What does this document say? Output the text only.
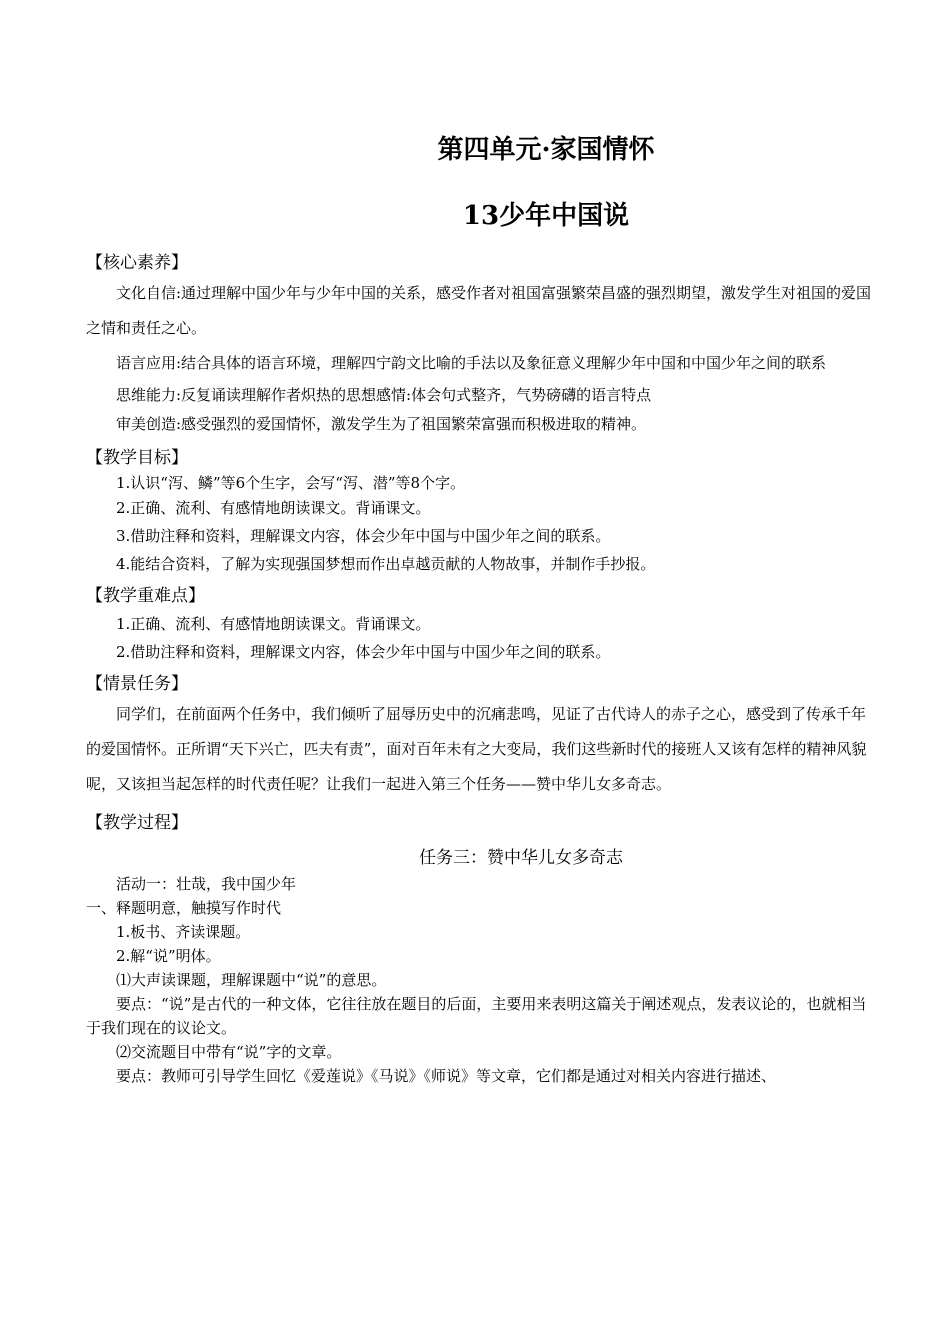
第四单元·家国情怀
13少年中国说
【核心素养】

文化自信:通过理解中国少年与少年中国的关系，感受作者对祖国富强繁荣昌盛的强烈期望，激发学生对祖国的爱国之情和责任之心。

语言应用:结合具体的语言环境，理解四宁韵文比喻的手法以及象征意义理解少年中国和中国少年之间的联系

思维能力:反复诵读理解作者炽热的思想感情:体会句式整齐，气势磅礴的语言特点

审美创造:感受强烈的爱国情怀，激发学生为了祖国繁荣富强而积极进取的精神。

【教学目标】

1.认识“泻、鳞”等6个生字，会写“泻、潜”等8个字。

2.正确、流利、有感情地朗读课文。背诵课文。

3.借助注释和资料，理解课文内容，体会少年中国与中国少年之间的联系。

4.能结合资料，了解为实现强国梦想而作出卓越贡献的人物故事，并制作手抄报。

【教学重难点】

1.正确、流利、有感情地朗读课文。背诵课文。

2.借助注释和资料，理解课文内容，体会少年中国与中国少年之间的联系。

【情景任务】

同学们，在前面两个任务中，我们倾听了屈辱历史中的沉痛悲鸣，见证了古代诗人的赤子之心，感受到了传承千年的爱国情怀。正所谓“天下兴亡，匹夫有责”，面对百年未有之大变局，我们这些新时代的接班人又该有怎样的精神风貌呢，又该担当起怎样的时代责任呢？让我们一起进入第三个任务——赞中华儿女多奇志。

【教学过程】
任务三：赞中华儿女多奇志
活动一：壮哉，我中国少年
一、释题明意，触摸写作时代

1.板书、齐读课题。

2.解“说”明体。

⑴大声读课题，理解课题中“说”的意思。

要点：“说”是古代的一种文体，它往往放在题目的后面，主要用来表明这篇关于阐述观点，发表议论的，也就相当于我们现在的议论文。

⑵交流题目中带有“说”字的文章。

要点：教师可引导学生回忆《爱莲说》《马说》《师说》等文章，它们都是通过对相关内容进行描述、
